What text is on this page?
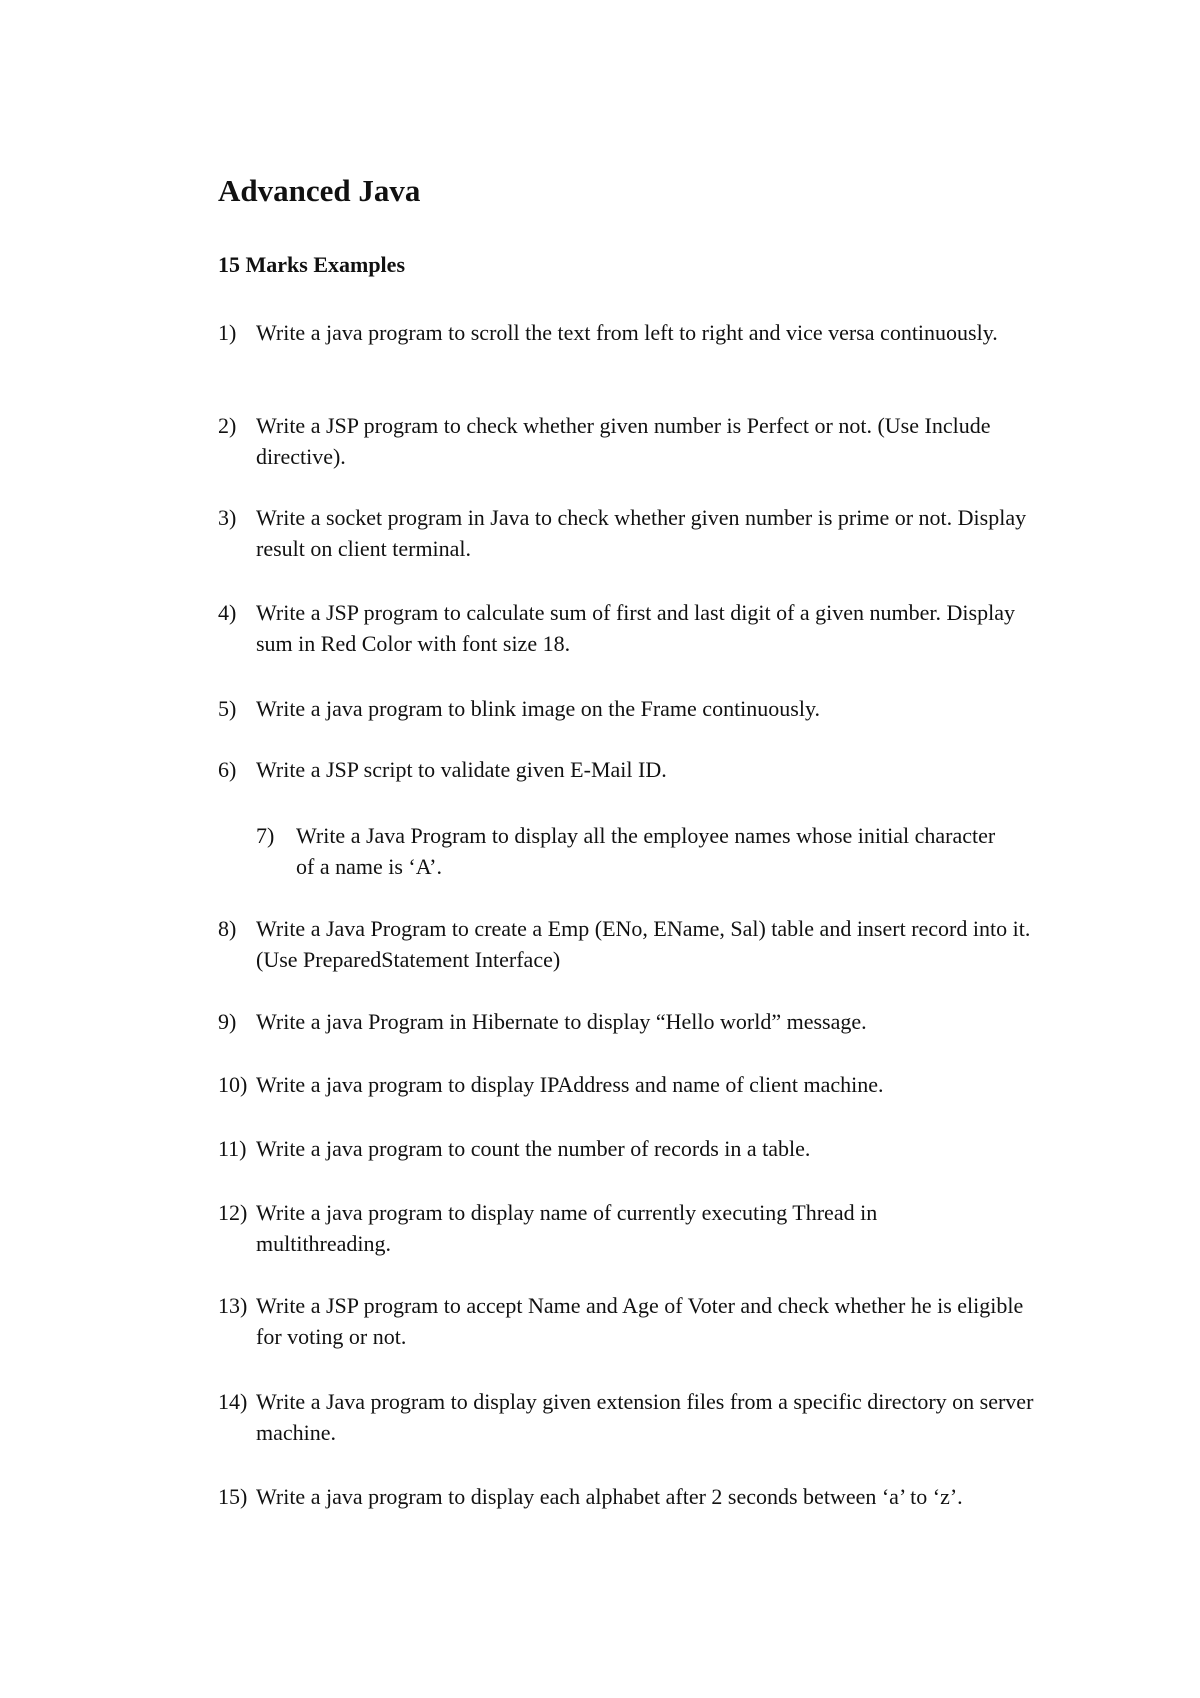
Advanced Java
15 Marks Examples
1) Write a java program to scroll the text from left to right and vice versa continuously.
2) Write a JSP program to check whether given number is Perfect or not. (Use Include directive).
3) Write a socket program in Java to check whether given number is prime or not. Display result on client terminal.
4) Write a JSP program to calculate sum of first and last digit of a given number. Display sum in Red Color with font size 18.
5) Write a java program to blink image on the Frame continuously.
6) Write a JSP script to validate given E-Mail ID.
7) Write a Java Program to display all the employee names whose initial character of a name is ‘A’.
8) Write a Java Program to create a Emp (ENo, EName, Sal) table and insert record into it. (Use PreparedStatement Interface)
9) Write a java Program in Hibernate to display “Hello world” message.
10) Write a java program to display IPAddress and name of client machine.
11) Write a java program to count the number of records in a table.
12) Write a java program to display name of currently executing Thread in multithreading.
13) Write a JSP program to accept Name and Age of Voter and check whether he is eligible for voting or not.
14) Write a Java program to display given extension files from a specific directory on server machine.
15) Write a java program to display each alphabet after 2 seconds between ‘a’ to ‘z’.
